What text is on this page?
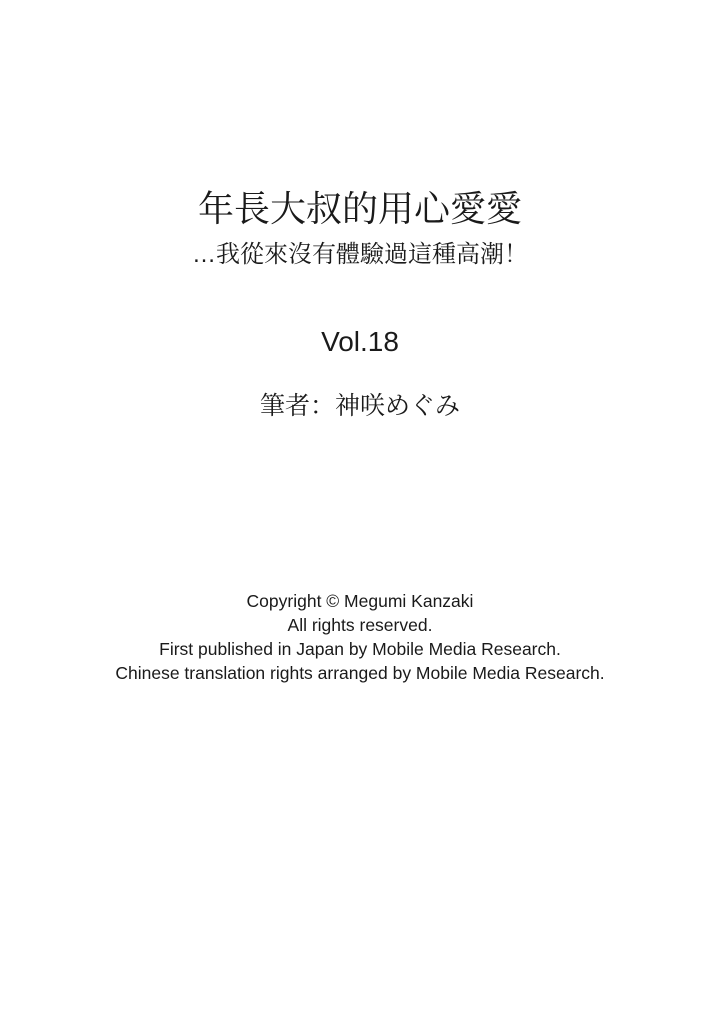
年長大叔的用心愛愛
…我從來沒有體驗過這種高潮！
Vol.18
筆者：神咲めぐみ
Copyright © Megumi Kanzaki
All rights reserved.
First published in Japan by Mobile Media Research.
Chinese translation rights arranged by Mobile Media Research.
